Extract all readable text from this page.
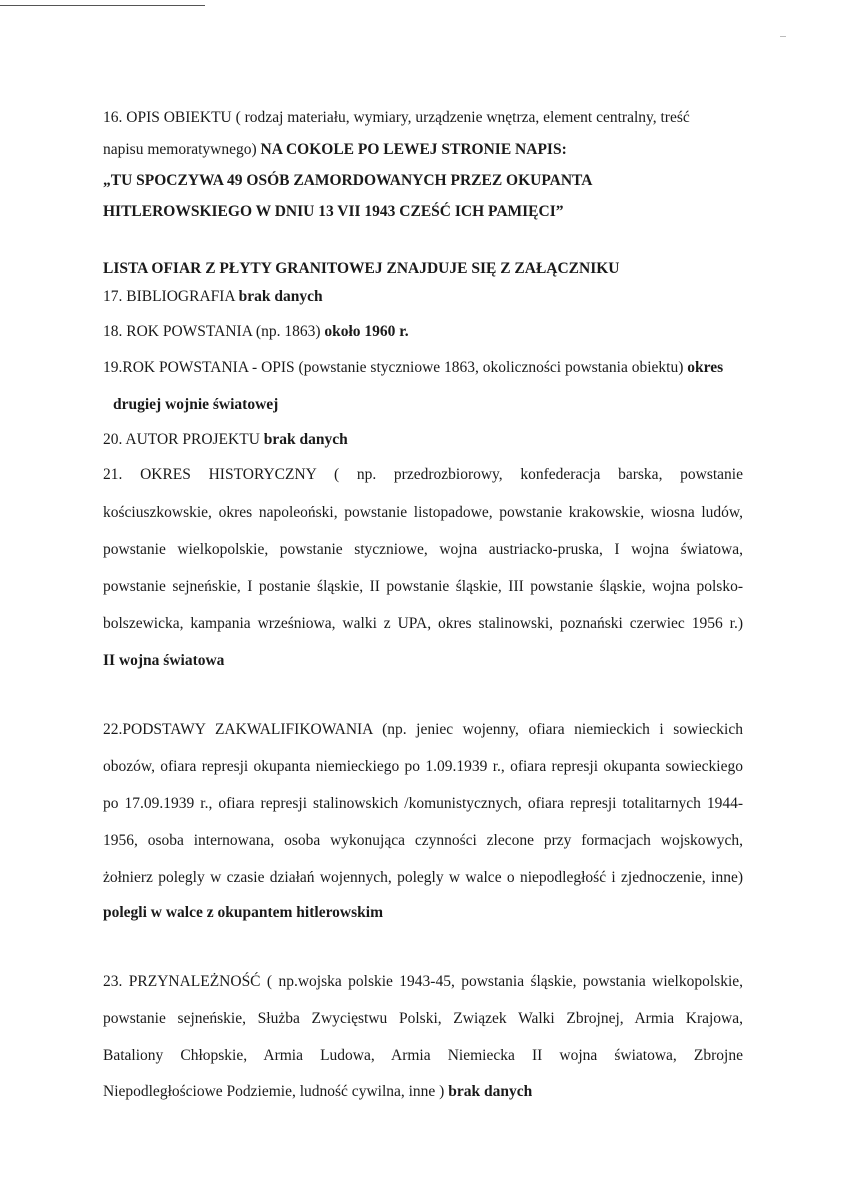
16. OPIS OBIEKTU ( rodzaj materiału, wymiary, urządzenie wnętrza, element centralny, treść
napisu memoratywnego) NA COKOLE PO LEWEJ STRONIE NAPIS:
„TU SPOCZYWA 49 OSÓB ZAMORDOWANYCH PRZEZ OKUPANTA
HITLEROWSKIEGO W DNIU 13 VII 1943 CZEŚĆ ICH PAMIĘCI”
LISTA OFIAR Z PŁYTY GRANITOWEJ ZNAJDUJE SIĘ Z ZAŁĄCZNIKU
17. BIBLIOGRAFIA brak danych
18. ROK POWSTANIA (np. 1863) około 1960 r.
19.ROK POWSTANIA - OPIS (powstanie styczniowe 1863, okoliczności powstania obiektu) okres
drugiej wojnie światowej
20. AUTOR PROJEKTU brak danych
21. OKRES HISTORYCZNY ( np. przedrozbiorowy, konfederacja barska, powstanie
kościuszkowskie, okres napoleoński, powstanie listopadowe, powstanie krakowskie, wiosna ludów,
powstanie wielkopolskie, powstanie styczniowe, wojna austriacko-pruska, I wojna światowa,
powstanie sejneńskie, I postanie śląskie, II powstanie śląskie, III powstanie śląskie, wojna polsko-
bolszewicka, kampania wrześniowa, walki z UPA, okres stalinowski, poznański czerwiec 1956 r.)
II wojna światowa
22.PODSTAWY ZAKWALIFIKOWANIA (np. jeniec wojenny, ofiara niemieckich i sowieckich
obozów, ofiara represji okupanta niemieckiego po 1.09.1939 r., ofiara represji okupanta sowieckiego
po 17.09.1939 r., ofiara represji stalinowskich /komunistycznych, ofiara represji totalitarnych 1944-
1956, osoba internowana, osoba wykonująca czynności zlecone przy formacjach wojskowych,
żołnierz polegly w czasie działań wojennych, polegly w walce o niepodległość i zjednoczenie, inne)
polegli w walce z okupantem hitlerowskim
23. PRZYNALEŻNOŚĆ ( np.wojska polskie 1943-45, powstania śląskie, powstania wielkopolskie,
powstanie sejneńskie, Służba Zwycięstwu Polski, Związek Walki Zbrojnej, Armia Krajowa,
Bataliony Chłopskie, Armia Ludowa, Armia Niemiecka II wojna światowa, Zbrojne
Niepodległościowe Podziemie, ludność cywilna, inne ) brak danych
